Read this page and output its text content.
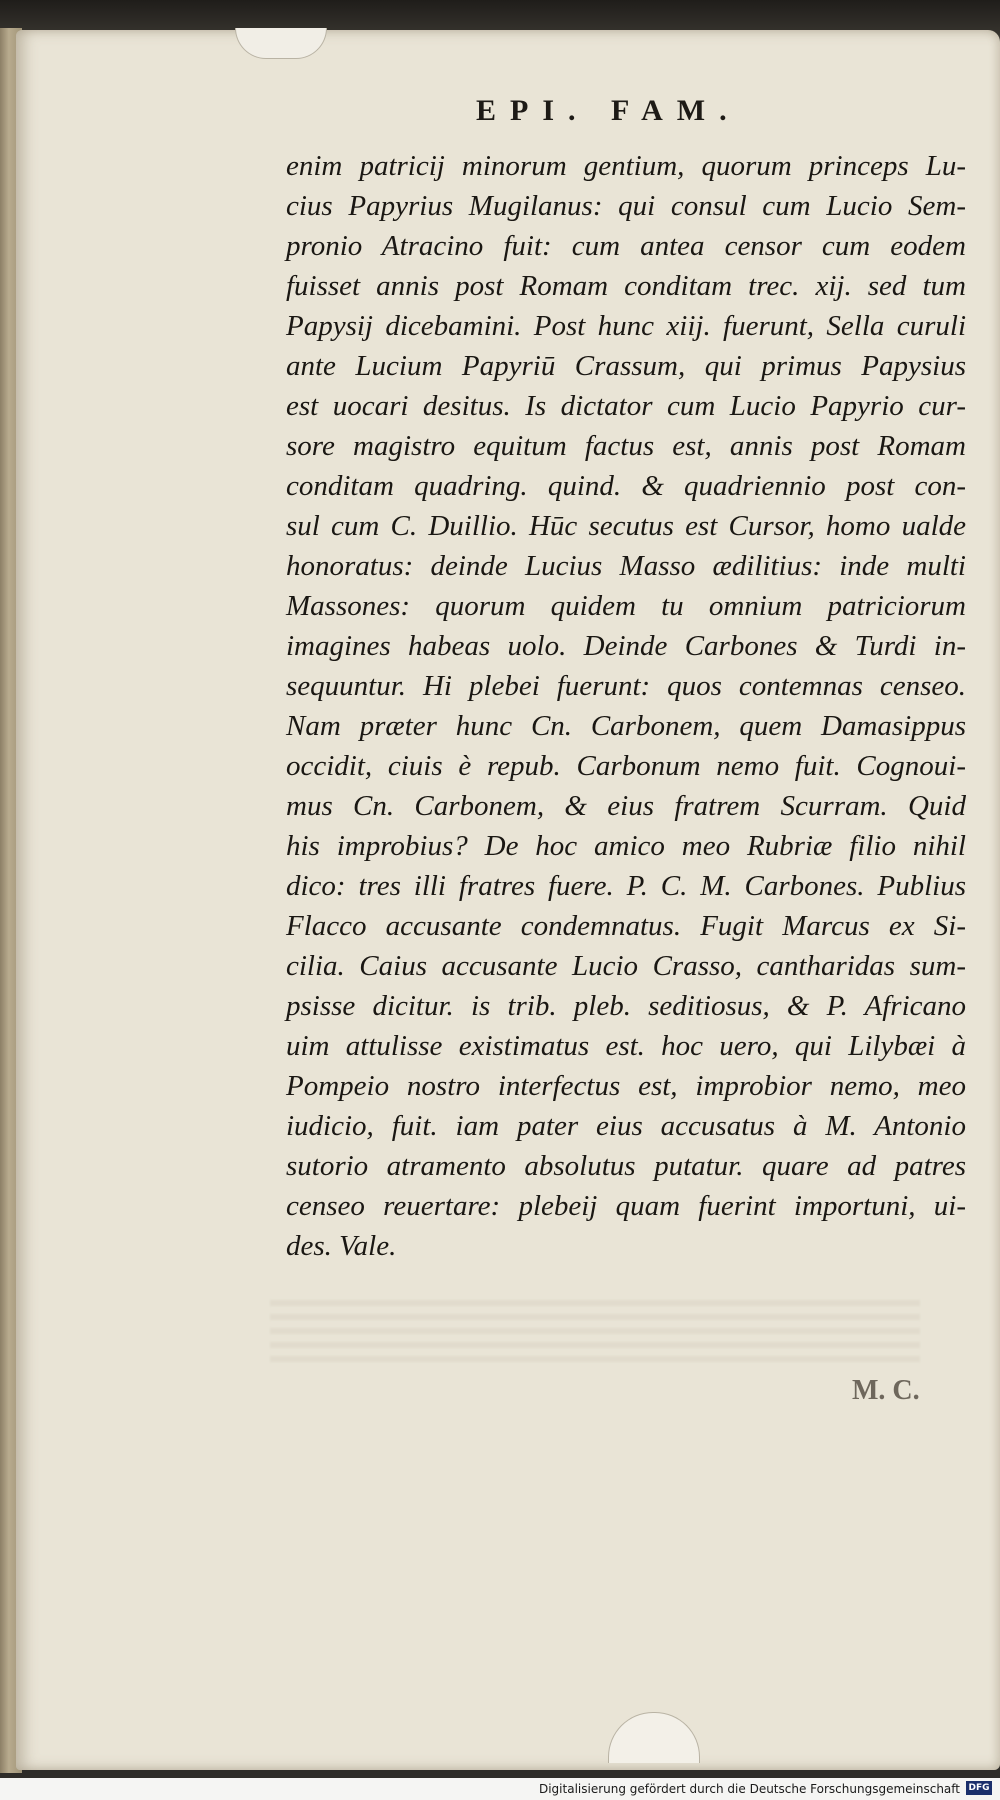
EPI. FAM.
enim patricij minorum gentium, quorum princeps Lu-
cius Papyrius Mugilanus: qui consul cum Lucio Sem-
pronio Atracino fuit: cum antea censor cum eodem
fuisset annis post Romam conditam trec. xij. sed tum
Papysij dicebamini. Post hunc xiij. fuerunt, Sella curuli
ante Lucium Papyriū Crassum, qui primus Papysius
est uocari desitus. Is dictator cum Lucio Papyrio cur-
sore magistro equitum factus est, annis post Romam
conditam quadring. quind. & quadriennio post con-
sul cum C. Duillio. Hūc secutus est Cursor, homo ualde
honoratus: deinde Lucius Masso ædilitius: inde multi
Massones: quorum quidem tu omnium patriciorum
imagines habeas uolo. Deinde Carbones & Turdi in-
sequuntur. Hi plebei fuerunt: quos contemnas censeo.
Nam præter hunc Cn. Carbonem, quem Damasippus
occidit, ciuis è repub. Carbonum nemo fuit. Cognoui-
mus Cn. Carbonem, & eius fratrem Scurram. Quid
his improbius? De hoc amico meo Rubriæ filio nihil
dico: tres illi fratres fuere. P. C. M. Carbones. Publius
Flacco accusante condemnatus. Fugit Marcus ex Si-
cilia. Caius accusante Lucio Crasso, cantharidas sum-
psisse dicitur. is trib. pleb. seditiosus, & P. Africano
uim attulisse existimatus est. hoc uero, qui Lilybæi à
Pompeio nostro interfectus est, improbior nemo, meo
iudicio, fuit. iam pater eius accusatus à M. Antonio
sutorio atramento absolutus putatur. quare ad patres
censeo reuertare: plebeij quam fuerint importuni, ui-
des. Vale.
M. C.
Digitalisierung gefördert durch die Deutsche Forschungsgemeinschaft DFG
